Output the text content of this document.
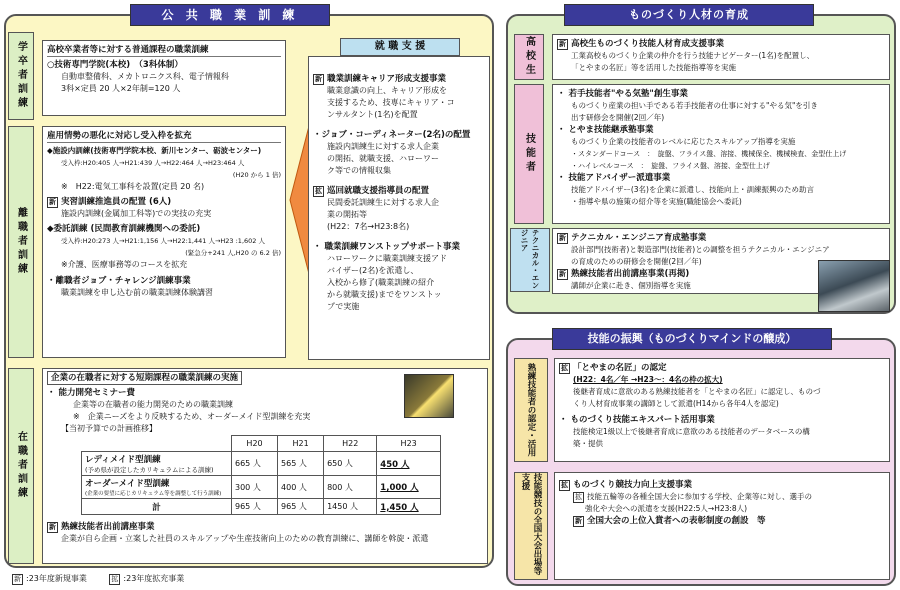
公 共 職 業 訓 練
学卒者訓練
離職者訓練
在職者訓練
高校卒業者等に対する普通課程の職業訓練
○技術専門学院(本校)　（3科体制）
自動車整備科、メカトロニクス科、電子情報科
3科×定員 20 人×2年制=120 人
雇用情勢の悪化に対応し受入枠を拡充
◆施設内訓練(技術専門学院本校、新川センター、砺波センター)
受入枠:H20:405 人→H21:439 人→H22:464 人→H23:464 人
(H20 から 1 倍)
※　H22:電気工事科を設置(定員 20 名)
新 実習訓練推進員の配置 (6人)
施設内訓練(金属加工科等)での実技の充実
◆委託訓練 (民間教育訓練機関への委託)
受入枠:H20:273 人→H21:1,156 人→H22:1,441 人→H23 :1,602 人
(緊急分+241 人,H20 の 6.2 倍)
※介護、医療事務等のコースを拡充
・離職者ジョブ・チャレンジ訓練事業
職業訓練を申し込む前の職業訓練体験講習
新 職業訓練キャリア形成支援事業
職業意識の向上、キャリア形成を
支援するため、技専にキャリア・コ
ンサルタント(1名)を配置
・ジョブ・コーディネーター(2名)の配置
施設内訓練生に対する求人企業
の開拓、就職支援、ハローワー
ク等での情報収集
拡 巡回就職支援指導員の配置
民間委託訓練生に対する求人企
業の開拓等
(H22：7名→H23:8名)
・ 職業訓練ワンストップサポート事業
ハローワークに職業訓練支援アド
バイザー(2名)を派遣し、
入校から修了(職業訓練の紹介
から就職支援)までをワンストッ
プで実施
就 職 支 援
企業の在職者に対する短期課程の職業訓練の実施
・ 能力開発セミナー費
企業等の在職者の能力開発のための職業訓練
※　企業ニーズをより反映するため、オーダーメイド型訓練を充実
【当初予算での計画推移】
	H20	H21	H22	H23

レディメイド型訓練
(予め県が設定したカリキュラムによる訓練)	665 人	565 人	650 人	450 人

オーダーメイド型訓練
(企業の要望に応じカリキュラム等を調整して行う訓練)	300 人	400 人	800 人	1,000 人
計	965 人	965 人	1450 人	1,450 人
新 熟練技能者出前講座事業
企業が自ら企画・立案した社員のスキルアップや生産技術向上のための教育訓練に、講師を斡旋・派遣
ものづくり人材の育成
高校生
技能者
テクニカル・エンジニア
新 高校生ものづくり技能人材育成支援事業
工業高校ものづくり企業の仲介を行う技能ナビゲーター(1名)を配置し、
「とやまの名匠」等を活用した技能指導等を実施
・ 若手技能者"やる気塾"創生事業
ものづくり産業の担い手である若手技能者の仕事に対する"やる気"を引き
出す研修会を開催(2回／年)
・ とやま技能継承塾事業
ものづくり企業の技能者のレベルに応じたスキルアップ指導を実施
・スタンダードコース　：　旋盤、フライス盤、溶接、機械保全、機械検査、金型仕上げ
・ハイレベルコース　：　旋盤、フライス盤、溶接、金型仕上げ
・ 技能アドバイザー派遣事業
技能アドバイザー(3名)を企業に派遣し、技能向上・訓練振興のため助言
・指導や県の施策の紹介等を実施(職能協会へ委託)
新 テクニカル・エンジニア育成塾事業
設計部門(技術者)と製造部門(技能者)との調整を担うテクニカル・エンジニア
の育成のための研修会を開催(2回／年)
新 熟練技能者出前講座事業(再掲)
講師が企業に赴き、個別指導を実施
技能の振興（ものづくりマインドの醸成）
熟練技能者の認定・活用
技能競技の全国大会出場等支援
拡 「とやまの名匠」の認定
(H22：4名／年 →H23～：4名の枠の拡大)
後継者育成に意欲のある熟練技能者を「とやまの名匠」に認定し、ものづ
くり人材育成事業の講師として派遣(H14から各年4人を認定)
・ ものづくり技能エキスパート活用事業
技能検定1級以上で後継者育成に意欲のある技能者のデータベースの構
築・提供
拡 ものづくり競技力向上支援事業
拡 技能五輪等の各種全国大会に参加する学校、企業等に対し、選手の
強化や大会への派遣を支援(H22:5人→H23:8人)
新 全国大会の上位入賞者への表彰制度の創設　等
新 :23年度新規事業	拡 :23年度拡充事業
